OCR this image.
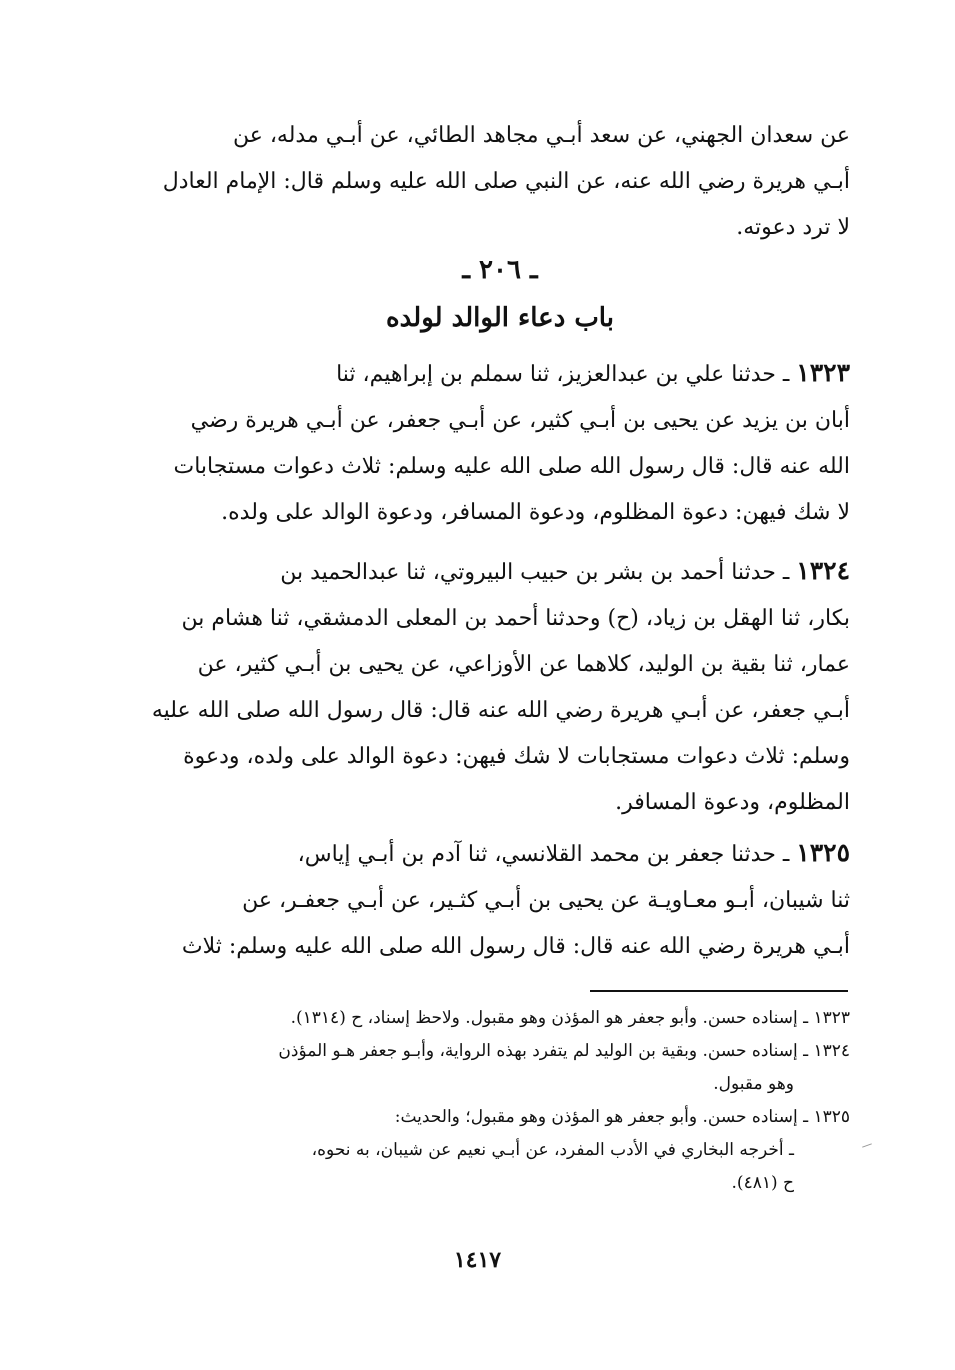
عن سعدان الجهني، عن سعد أبـي مجاهد الطائي، عن أبـي مدله، عن
أبـي هريرة رضي الله عنه، عن النبي صلى الله عليه وسلم قال: الإمام العادل
لا ترد دعوته.
ـ ٢٠٦ ـ
باب دعاء الوالد لولده
١٣٢٣ ـ حدثنا علي بن عبدالعزيز، ثنا سملم بن إبراهيم، ثنا
أبان بن يزيد عن يحيى بن أبـي كثير، عن أبـي جعفر، عن أبـي هريرة رضي
الله عنه قال: قال رسول الله صلى الله عليه وسلم: ثلاث دعوات مستجابات
لا شك فيهن: دعوة المظلوم، ودعوة المسافر، ودعوة الوالد على ولده.
١٣٢٤ ـ حدثنا أحمد بن بشر بن حبيب البيروتي، ثنا عبدالحميد بن
بكار، ثنا الهقل بن زياد، (ح) وحدثنا أحمد بن المعلى الدمشقي، ثنا هشام بن
عمار، ثنا بقية بن الوليد، كلاهما عن الأوزاعي، عن يحيى بن أبـي كثير، عن
أبـي جعفر، عن أبـي هريرة رضي الله عنه قال: قال رسول الله صلى الله عليه
وسلم: ثلاث دعوات مستجابات لا شك فيهن: دعوة الوالد على ولده، ودعوة
المظلوم، ودعوة المسافر.
١٣٢٥ ـ حدثنا جعفر بن محمد القلانسي، ثنا آدم بن أبـي إياس،
ثنا شيبان، أبـو معـاويـة عن يحيى بن أبـي كثـير، عن أبـي جعفـر، عن
أبـي هريرة رضي الله عنه قال: قال رسول الله صلى الله عليه وسلم: ثلاث

١٣٢٣ ـ إسناده حسن. وأبو جعفر هو المؤذن وهو مقبول. ولاحظ إسناد، ح (١٣١٤).

١٣٢٤ ـ إسناده حسن. وبقية بن الوليد لم يتفرد بهذه الرواية، وأبـو جعفر هـو المؤذن

وهو مقبول.

١٣٢٥ ـ إسناده حسن. وأبو جعفر هو المؤذن وهو مقبول؛ والحديث:

ـ أخرجه البخاري في الأدب المفرد، عن أبـي نعيم عن شيبان، به نحوه،

ح (٤٨١).

١٤١٧
